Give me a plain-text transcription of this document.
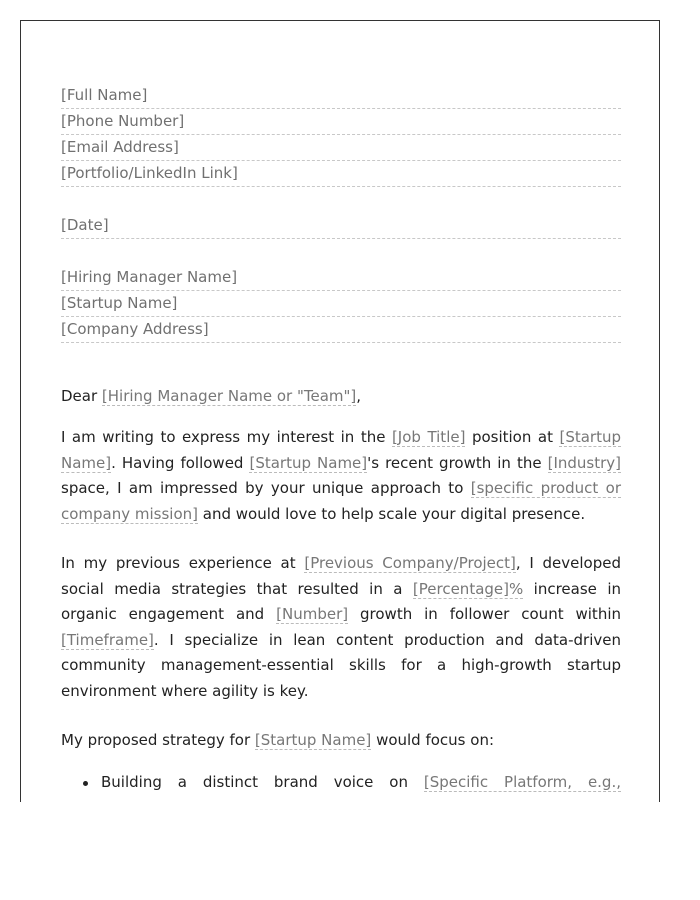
[Full Name]
[Phone Number]
[Email Address]
[Portfolio/LinkedIn Link]
[Date]
[Hiring Manager Name]
[Startup Name]
[Company Address]
Dear [Hiring Manager Name or "Team"],
I am writing to express my interest in the [Job Title] position at [Startup Name]. Having followed [Startup Name]'s recent growth in the [Industry] space, I am impressed by your unique approach to [specific product or company mission] and would love to help scale your digital presence.
In my previous experience at [Previous Company/Project], I developed social media strategies that resulted in a [Percentage]% increase in organic engagement and [Number] growth in follower count within [Timeframe]. I specialize in lean content production and data-driven community management-essential skills for a high-growth startup environment where agility is key.
My proposed strategy for [Startup Name] would focus on:
Building a distinct brand voice on [Specific Platform, e.g.,
